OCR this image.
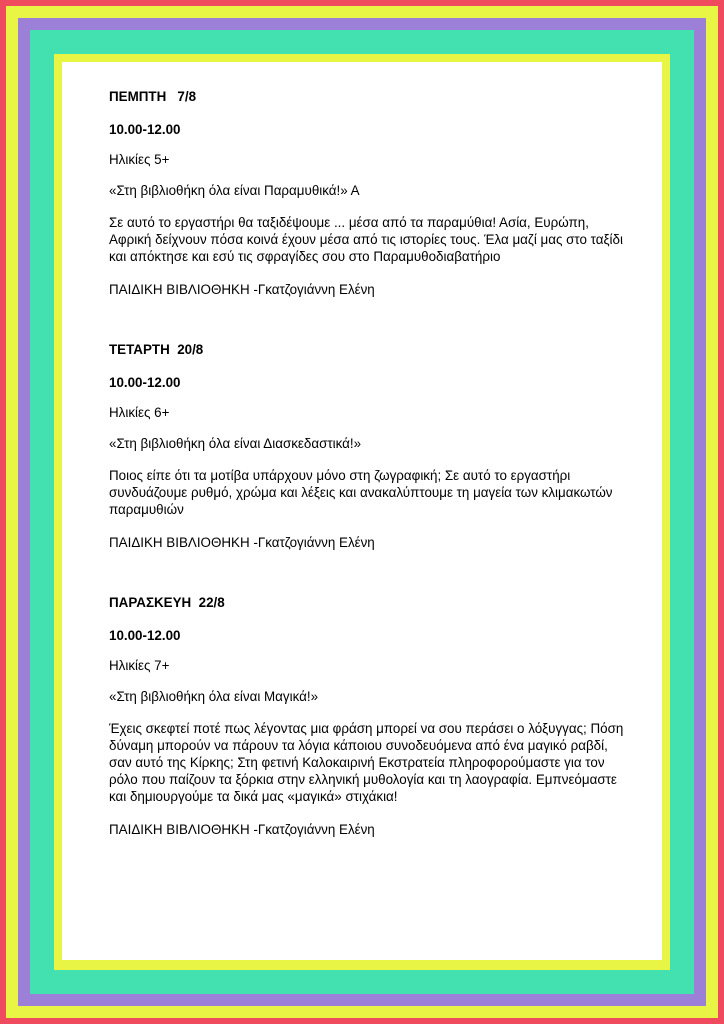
ΠΕΜΠΤΗ   7/8

10.00-12.00

Ηλικίες 5+

«Στη βιβλιοθήκη όλα είναι Παραμυθικά!» Α

Σε αυτό το εργαστήρι θα ταξιδέψουμε ... μέσα από τα παραμύθια! Ασία, Ευρώπη, Αφρική δείχνουν πόσα κοινά έχουν μέσα από τις ιστορίες τους. Έλα μαζί μας στο ταξίδι και απόκτησε και εσύ τις σφραγίδες σου στο Παραμυθοδιαβατήριο

ΠΑΙΔΙΚΗ ΒΙΒΛΙΟΘΗΚΗ -Γκατζογιάννη Ελένη

ΤΕΤΑΡΤΗ  20/8

10.00-12.00

Ηλικίες 6+

«Στη βιβλιοθήκη όλα είναι Διασκεδαστικά!»

Ποιος είπε ότι τα μοτίβα υπάρχουν μόνο στη ζωγραφική; Σε αυτό το εργαστήρι συνδυάζουμε ρυθμό, χρώμα και λέξεις και ανακαλύπτουμε τη μαγεία των κλιμακωτών παραμυθιών

ΠΑΙΔΙΚΗ ΒΙΒΛΙΟΘΗΚΗ -Γκατζογιάννη Ελένη

ΠΑΡΑΣΚΕΥΗ  22/8

10.00-12.00

Ηλικίες 7+

«Στη βιβλιοθήκη όλα είναι Μαγικά!»

Έχεις σκεφτεί ποτέ πως λέγοντας μια φράση μπορεί να σου περάσει ο λόξυγγας; Πόση δύναμη μπορούν να πάρουν τα λόγια κάποιου συνοδευόμενα από ένα μαγικό ραβδί, σαν αυτό της Κίρκης; Στη φετινή Καλοκαιρινή Εκστρατεία πληροφορούμαστε για τον ρόλο που παίζουν τα ξόρκια στην ελληνική μυθολογία και τη λαογραφία. Εμπνεόμαστε και δημιουργούμε τα δικά μας «μαγικά» στιχάκια!

ΠΑΙΔΙΚΗ ΒΙΒΛΙΟΘΗΚΗ -Γκατζογιάννη Ελένη
